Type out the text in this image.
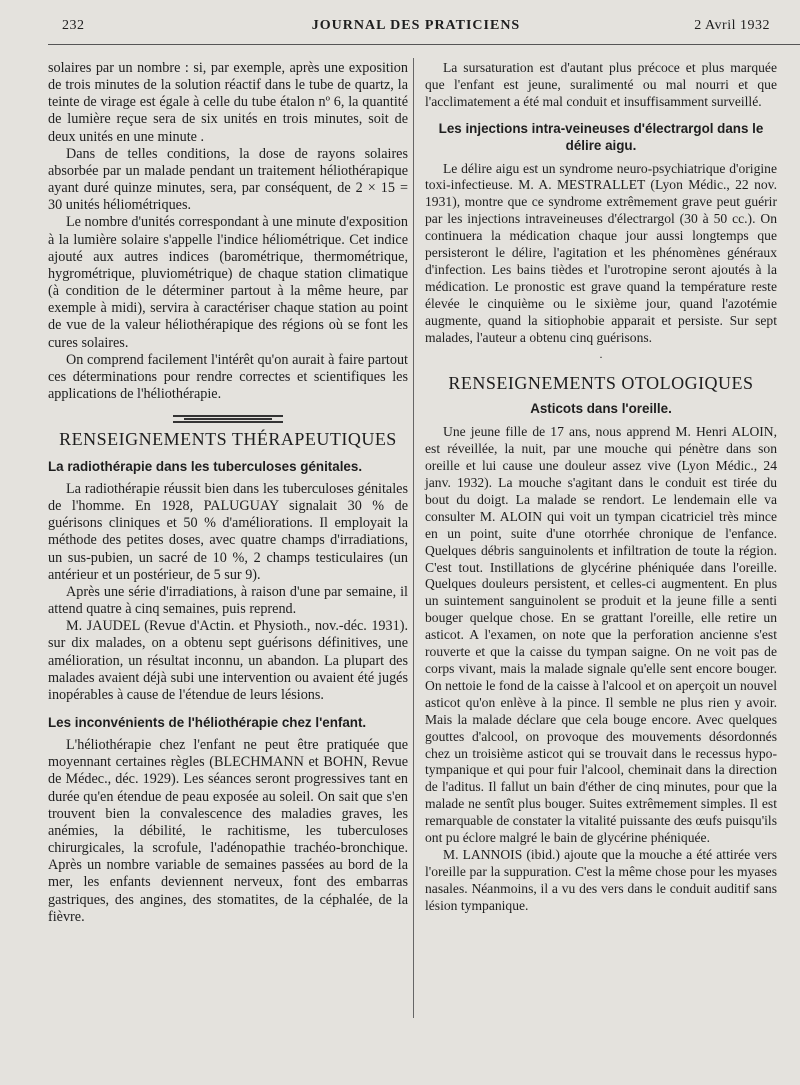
232	JOURNAL DES PRATICIENS	2 Avril 1932

solaires par un nombre : si, par exemple, après une exposition de trois minutes de la solution réactif dans le tube de quartz, la teinte de virage est égale à celle du tube étalon nº 6, la quantité de lumière reçue sera de six unités en trois minutes, soit de deux unités en une minute .

Dans de telles conditions, la dose de rayons solaires absorbée par un malade pendant un traitement héliothérapique ayant duré quinze minutes, sera, par conséquent, de 2 × 15 = 30 unités héliométriques.

Le nombre d'unités correspondant à une minute d'exposition à la lumière solaire s'appelle l'indice héliométrique. Cet indice ajouté aux autres indices (barométrique, thermométrique, hygrométrique, pluviométrique) de chaque station climatique (à condition de le déterminer partout à la même heure, par exemple à midi), servira à caractériser chaque station au point de vue de la valeur héliothérapique des régions où se font les cures solaires.

On comprend facilement l'intérêt qu'on aurait à faire partout ces déterminations pour rendre correctes et scientifiques les applications de l'héliothérapie.

RENSEIGNEMENTS THÉRAPEUTIQUES
La radiothérapie dans les tuberculoses génitales.

La radiothérapie réussit bien dans les tuberculoses génitales de l'homme. En 1928, PALUGUAY signalait 30 % de guérisons cliniques et 50 % d'améliorations. Il employait la méthode des petites doses, avec quatre champs d'irradiations, un sus-pubien, un sacré de 10 %, 2 champs testiculaires (un antérieur et un postérieur, de 5 sur 9).

Après une série d'irradiations, à raison d'une par semaine, il attend quatre à cinq semaines, puis reprend.

M. JAUDEL (Revue d'Actin. et Physioth., nov.-déc. 1931). sur dix malades, on a obtenu sept guérisons définitives, une amélioration, un résultat inconnu, un abandon. La plupart des malades avaient déjà subi une intervention ou avaient été jugés inopérables à cause de l'étendue de leurs lésions.

Les inconvénients de l'héliothérapie chez l'enfant.

L'héliothérapie chez l'enfant ne peut être pratiquée que moyennant certaines règles (BLECHMANN et BOHN, Revue de Médec., déc. 1929). Les séances seront progressives tant en durée qu'en étendue de peau exposée au soleil. On sait que s'en trouvent bien la convalescence des maladies graves, les anémies, la débilité, le rachitisme, les tuberculoses chirurgicales, la scrofule, l'adénopathie trachéo-bronchique. Après un nombre variable de semaines passées au bord de la mer, les enfants deviennent nerveux, font des embarras gastriques, des angines, des stomatites, de la céphalée, de la fièvre.

La sursaturation est d'autant plus précoce et plus marquée que l'enfant est jeune, suralimenté ou mal nourri et que l'acclimatement a été mal conduit et insuffisamment surveillé.

Les injections intra-veineuses d'électrargol dans le délire aigu.

Le délire aigu est un syndrome neuro-psychiatrique d'origine toxi-infectieuse. M. A. MESTRALLET (Lyon Médic., 22 nov. 1931), montre que ce syndrome extrêmement grave peut guérir par les injections intraveineuses d'électrargol (30 à 50 cc.). On continuera la médication chaque jour aussi longtemps que persisteront le délire, l'agitation et les phénomènes généraux d'infection. Les bains tièdes et l'urotropine seront ajoutés à la médication. Le pronostic est grave quand la température reste élevée le cinquième ou le sixième jour, quand l'azotémie augmente, quand la sitiophobie apparait et persiste. Sur sept malades, l'auteur a obtenu cinq guérisons.

.
RENSEIGNEMENTS OTOLOGIQUES
Asticots dans l'oreille.

Une jeune fille de 17 ans, nous apprend M. Henri ALOIN, est réveillée, la nuit, par une mouche qui pénètre dans son oreille et lui cause une douleur assez vive (Lyon Médic., 24 janv. 1932). La mouche s'agitant dans le conduit est tirée du bout du doigt. La malade se rendort. Le lendemain elle va consulter M. ALOIN qui voit un tympan cicatriciel très mince en un point, suite d'une otorrhée chronique de l'enfance. Quelques débris sanguinolents et infiltration de toute la région. C'est tout. Instillations de glycérine phéniquée dans l'oreille. Quelques douleurs persistent, et celles-ci augmentent. En plus un suintement sanguinolent se produit et la jeune fille a senti bouger quelque chose. En se grattant l'oreille, elle retire un asticot. A l'examen, on note que la perforation ancienne s'est rouverte et que la caisse du tympan saigne. On ne voit pas de corps vivant, mais la malade signale qu'elle sent encore bouger. On nettoie le fond de la caisse à l'alcool et on aperçoit un nouvel asticot qu'on enlève à la pince. Il semble ne plus rien y avoir. Mais la malade déclare que cela bouge encore. Avec quelques gouttes d'alcool, on provoque des mouvements désordonnés chez un troisième asticot qui se trouvait dans le recessus hypo-tympanique et qui pour fuir l'alcool, cheminait dans la direction de l'aditus. Il fallut un bain d'éther de cinq minutes, pour que la malade ne sentît plus bouger. Suites extrêmement simples. Il est remarquable de constater la vitalité puissante des œufs puisqu'ils ont pu éclore malgré le bain de glycérine phéniquée.

M. LANNOIS (ibid.) ajoute que la mouche a été attirée vers l'oreille par la suppuration. C'est la même chose pour les myases nasales. Néanmoins, il a vu des vers dans le conduit auditif sans lésion tympanique.
